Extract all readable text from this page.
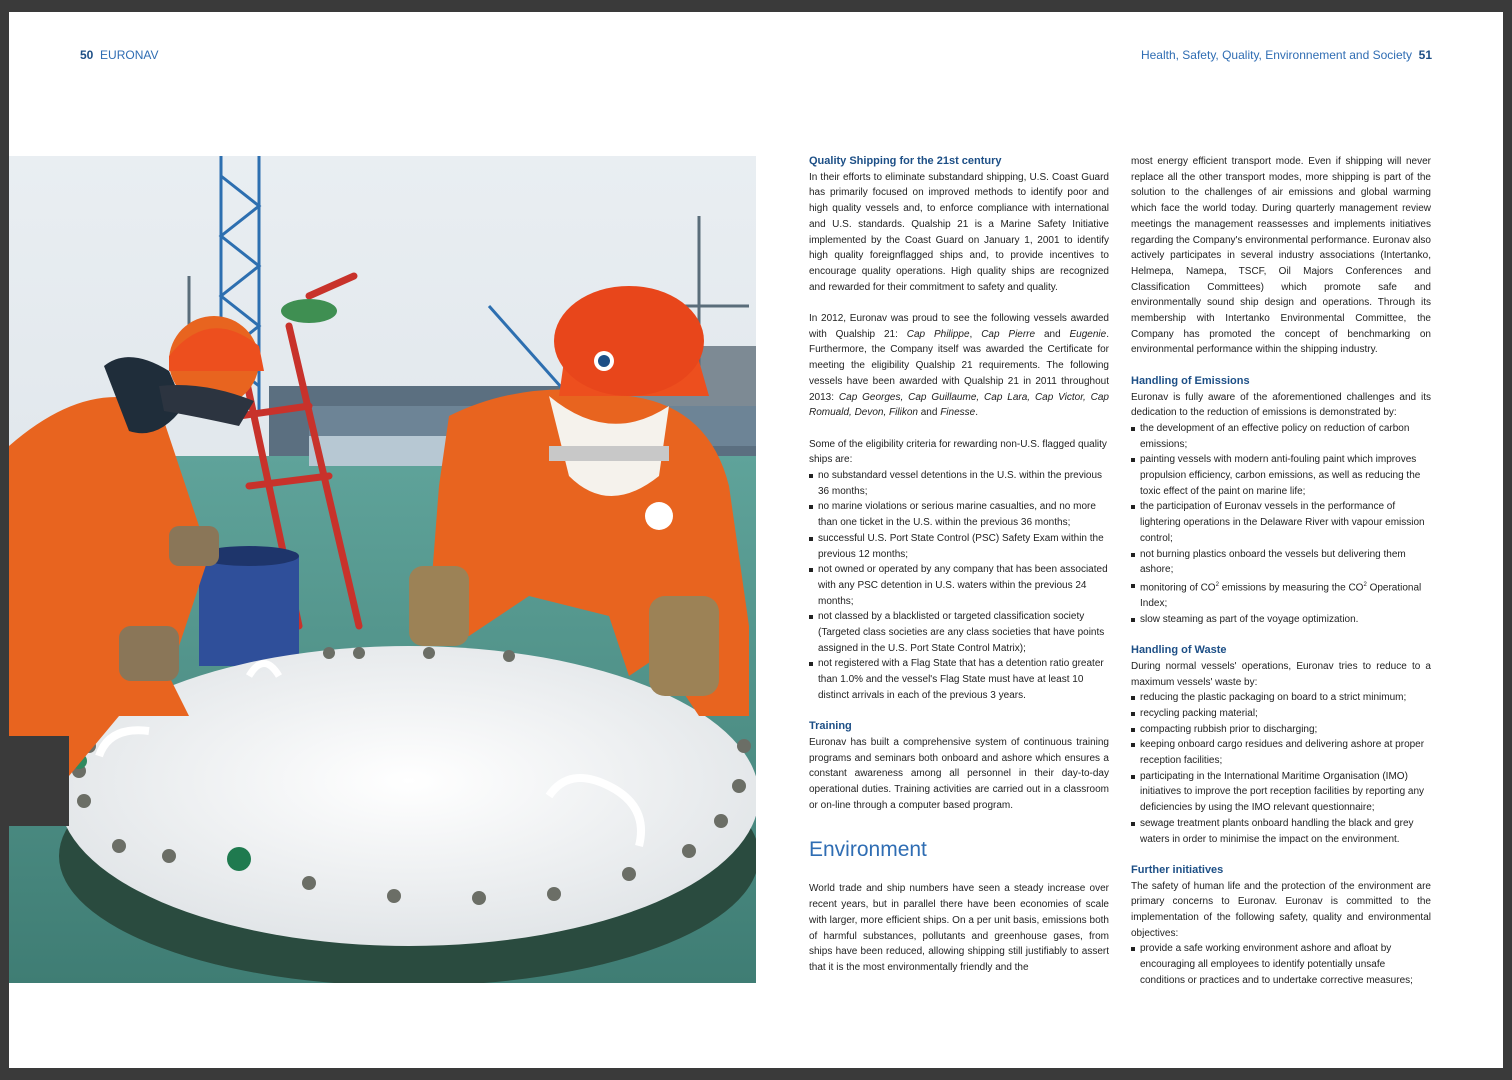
50 EURONAV	Health, Safety, Quality, Environnement and Society 51
Quality Shipping for the 21st century

In their efforts to eliminate substandard shipping, U.S. Coast Guard has primarily focused on improved methods to identify poor and high quality vessels and, to enforce compliance with international and U.S. standards. Qualship 21 is a Marine Safety Initiative implemented by the Coast Guard on January 1, 2001 to identify high quality foreignflagged ships and, to provide incentives to encourage quality operations. High quality ships are recognized and rewarded for their commitment to safety and quality.

In 2012, Euronav was proud to see the following vessels awarded with Qualship 21: Cap Philippe, Cap Pierre and Eugenie. Furthermore, the Company itself was awarded the Certificate for meeting the eligibility Qualship 21 requirements. The following vessels have been awarded with Qualship 21 in 2011 throughout 2013: Cap Georges, Cap Guillaume, Cap Lara, Cap Victor, Cap Romuald, Devon, Filikon and Finesse.

Some of the eligibility criteria for rewarding non-U.S. flagged quality ships are:

no substandard vessel detentions in the U.S. within the previous 36 months;
no marine violations or serious marine casualties, and no more than one ticket in the U.S. within the previous 36 months;
successful U.S. Port State Control (PSC) Safety Exam within the previous 12 months;
not owned or operated by any company that has been associated with any PSC detention in U.S. waters within the previous 24 months;
not classed by a blacklisted or targeted classification society (Targeted class societies are any class societies that have points assigned in the U.S. Port State Control Matrix);
not registered with a Flag State that has a detention ratio greater than 1.0% and the vessel's Flag State must have at least 10 distinct arrivals in each of the previous 3 years.
Training

Euronav has built a comprehensive system of continuous training programs and seminars both onboard and ashore which ensures a constant awareness among all personnel in their day-to-day operational duties. Training activities are carried out in a classroom or on-line through a computer based program.

Environment

World trade and ship numbers have seen a steady increase over recent years, but in parallel there have been economies of scale with larger, more efficient ships. On a per unit basis, emissions both of harmful substances, pollutants and greenhouse gases, from ships have been reduced, allowing shipping still justifiably to assert that it is the most environmentally friendly and the

most energy efficient transport mode. Even if shipping will never replace all the other transport modes, more shipping is part of the solution to the challenges of air emissions and global warming which face the world today. During quarterly management review meetings the management reassesses and implements initiatives regarding the Company's environmental performance. Euronav also actively participates in several industry associations (Intertanko, Helmepa, Namepa, TSCF, Oil Majors Conferences and Classification Committees) which promote safe and environmentally sound ship design and operations. Through its membership with Intertanko Environmental Committee, the Company has promoted the concept of benchmarking on environmental performance within the shipping industry.

Handling of Emissions

Euronav is fully aware of the aforementioned challenges and its dedication to the reduction of emissions is demonstrated by:

the development of an effective policy on reduction of carbon emissions;
painting vessels with modern anti-fouling paint which improves propulsion efficiency, carbon emissions, as well as reducing the toxic effect of the paint on marine life;
the participation of Euronav vessels in the performance of lightering operations in the Delaware River with vapour emission control;
not burning plastics onboard the vessels but delivering them ashore;
monitoring of $CO^2$ emissions by measuring the $CO^2$ Operational Index;
slow steaming as part of the voyage optimization.
Handling of Waste

During normal vessels' operations, Euronav tries to reduce to a maximum vessels' waste by:

reducing the plastic packaging on board to a strict minimum;
recycling packing material;
compacting rubbish prior to discharging;
keeping onboard cargo residues and delivering ashore at proper reception facilities;
participating in the International Maritime Organisation (IMO) initiatives to improve the port reception facilities by reporting any deficiencies by using the IMO relevant questionnaire;
sewage treatment plants onboard handling the black and grey waters in order to minimise the impact on the environment.
Further initiatives

The safety of human life and the protection of the environment are primary concerns to Euronav. Euronav is committed to the implementation of the following safety, quality and environmental objectives:

provide a safe working environment ashore and afloat by encouraging all employees to identify potentially unsafe conditions or practices and to undertake corrective measures;
